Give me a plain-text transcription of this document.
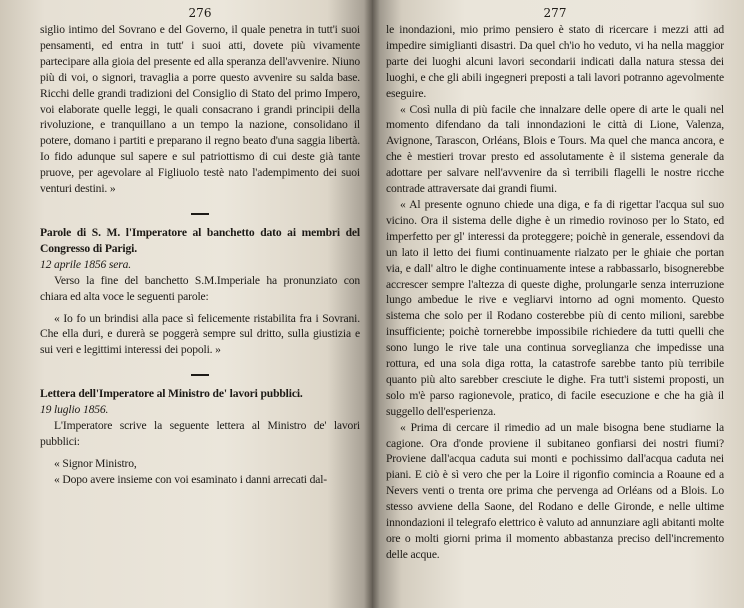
276

siglio intimo del Sovrano e del Governo, il quale penetra in tutt'i suoi pensamenti, ed entra in tutt' i suoi atti, dovete più vivamente partecipare alla gioia del presente ed alla speranza dell'avvenire. Niuno più di voi, o signori, travaglia a porre questo avvenire su salda base. Ricchi delle grandi tradizioni del Consiglio di Stato del primo Impero, voi elaborate quelle leggi, le quali consacrano i grandi principii della rivoluzione, e tranquillano a un tempo la nazione, consolidano il potere, domano i partiti e preparano il regno beato d'una saggia libertà. Io fido adunque sul sapere e sul patriottismo di cui deste già tante pruove, per agevolare al Figliuolo testè nato l'adempimento dei suoi venturi destini. »

Parole di S. M. l'Imperatore al banchetto dato ai membri del Congresso di Parigi.

12 aprile 1856 sera.

Verso la fine del banchetto S.M.Imperiale ha pronunziato con chiara ed alta voce le seguenti parole:

« Io fo un brindisi alla pace sì felicemente ristabilita fra i Sovrani. Che ella duri, e durerà se poggerà sempre sul dritto, sulla giustizia e sui veri e legittimi interessi dei popoli. »

Lettera dell'Imperatore al Ministro de' lavori pubblici.

19 luglio 1856.

L'Imperatore scrive la seguente lettera al Ministro de' lavori pubblici:

« Signor Ministro,

« Dopo avere insieme con voi esaminato i danni arrecati dal-

277

le inondazioni, mio primo pensiero è stato di ricercare i mezzi atti ad impedire simiglianti disastri. Da quel ch'io ho veduto, vi ha nella maggior parte dei luoghi alcuni lavori secondarii indicati dalla natura stessa dei luoghi, e che gli abili ingegneri preposti a tali lavori potranno agevolmente eseguire.

« Così nulla di più facile che innalzare delle opere di arte le quali nel momento difendano da tali innondazioni le città di Lione, Valenza, Avignone, Tarascon, Orléans, Blois e Tours. Ma quel che manca ancora, e che è mestieri trovar presto ed assolutamente è il sistema generale da adottare per salvare nell'avvenire da sì terribili flagelli le nostre ricche contrade attraversate dai grandi fiumi.

« Al presente ognuno chiede una diga, e fa di rigettar l'acqua sul suo vicino. Ora il sistema delle dighe è un rimedio rovinoso per lo Stato, ed imperfetto per gl' interessi da proteggere; poichè in generale, essendovi da un lato il letto dei fiumi continuamente rialzato per le ghiaie che portan via, e dall' altro le dighe continuamente intese a rabbassarlo, bisognerebbe accrescer sempre l'altezza di queste dighe, prolungarle senza interruzione lungo ambedue le rive e vegliarvi intorno ad ogni momento. Questo sistema che solo per il Rodano costerebbe più di cento milioni, sarebbe insufficiente; poichè tornerebbe impossibile richiedere da tutti quelli che sono lungo le rive tale una continua sorveglianza che impedisse una rottura, ed una sola diga rotta, la catastrofe sarebbe tanto più terribile quanto più alto sarebber cresciute le dighe. Fra tutt'i sistemi proposti, un solo m'è parso ragionevole, pratico, di facile esecuzione e che ha già il suggello dell'esperienza.

« Prima di cercare il rimedio ad un male bisogna bene studiarne la cagione. Ora d'onde proviene il subitaneo gonfiarsi dei nostri fiumi? Proviene dall'acqua caduta sui monti e pochissimo dall'acqua caduta nei piani. E ciò è sì vero che per la Loire il rigonfio comincia a Roaune ed a Nevers venti o trenta ore prima che pervenga ad Orléans od a Blois. Lo stesso avviene della Saone, del Rodano e delle Gironde, e nelle ultime innondazioni il telegrafo elettrico è valuto ad annunziare agli abitanti molte ore o molti giorni prima il momento abbastanza preciso dell'incremento delle acque.
